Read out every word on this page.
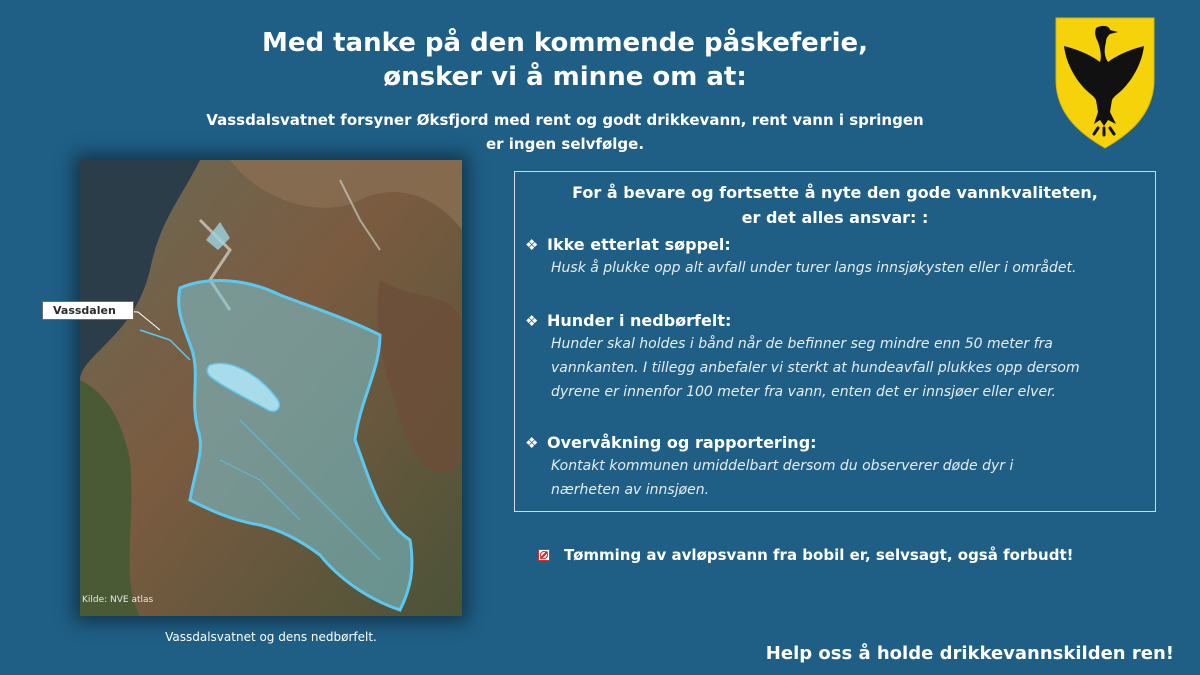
Med tanke på den kommende påskeferie,
ønsker vi å minne om at:
Vassdalsvatnet forsyner Øksfjord med rent og godt drikkevann, rent vann i springen
er ingen selvfølge.
Vassdalen
Kilde: NVE atlas
Vassdalsvatnet og dens nedbørfelt.
For å bevare og fortsette å nyte den gode vannkvaliteten,
er det alles ansvar: :
❖ Ikke etterlat søppel:
Husk å plukke opp alt avfall under turer langs innsjøkysten eller i området.
❖ Hunder i nedbørfelt:
Hunder skal holdes i bånd når de befinner seg mindre enn 50 meter fra
vannkanten. I tillegg anbefaler vi sterkt at hundeavfall plukkes opp dersom
dyrene er innenfor 100 meter fra vann, enten det er innsjøer eller elver.
❖ Overvåkning og rapportering:
Kontakt kommunen umiddelbart dersom du observerer døde dyr i
nærheten av innsjøen.
Tømming av avløpsvann fra bobil er, selvsagt, også forbudt!
Help oss å holde drikkevannskilden ren!
